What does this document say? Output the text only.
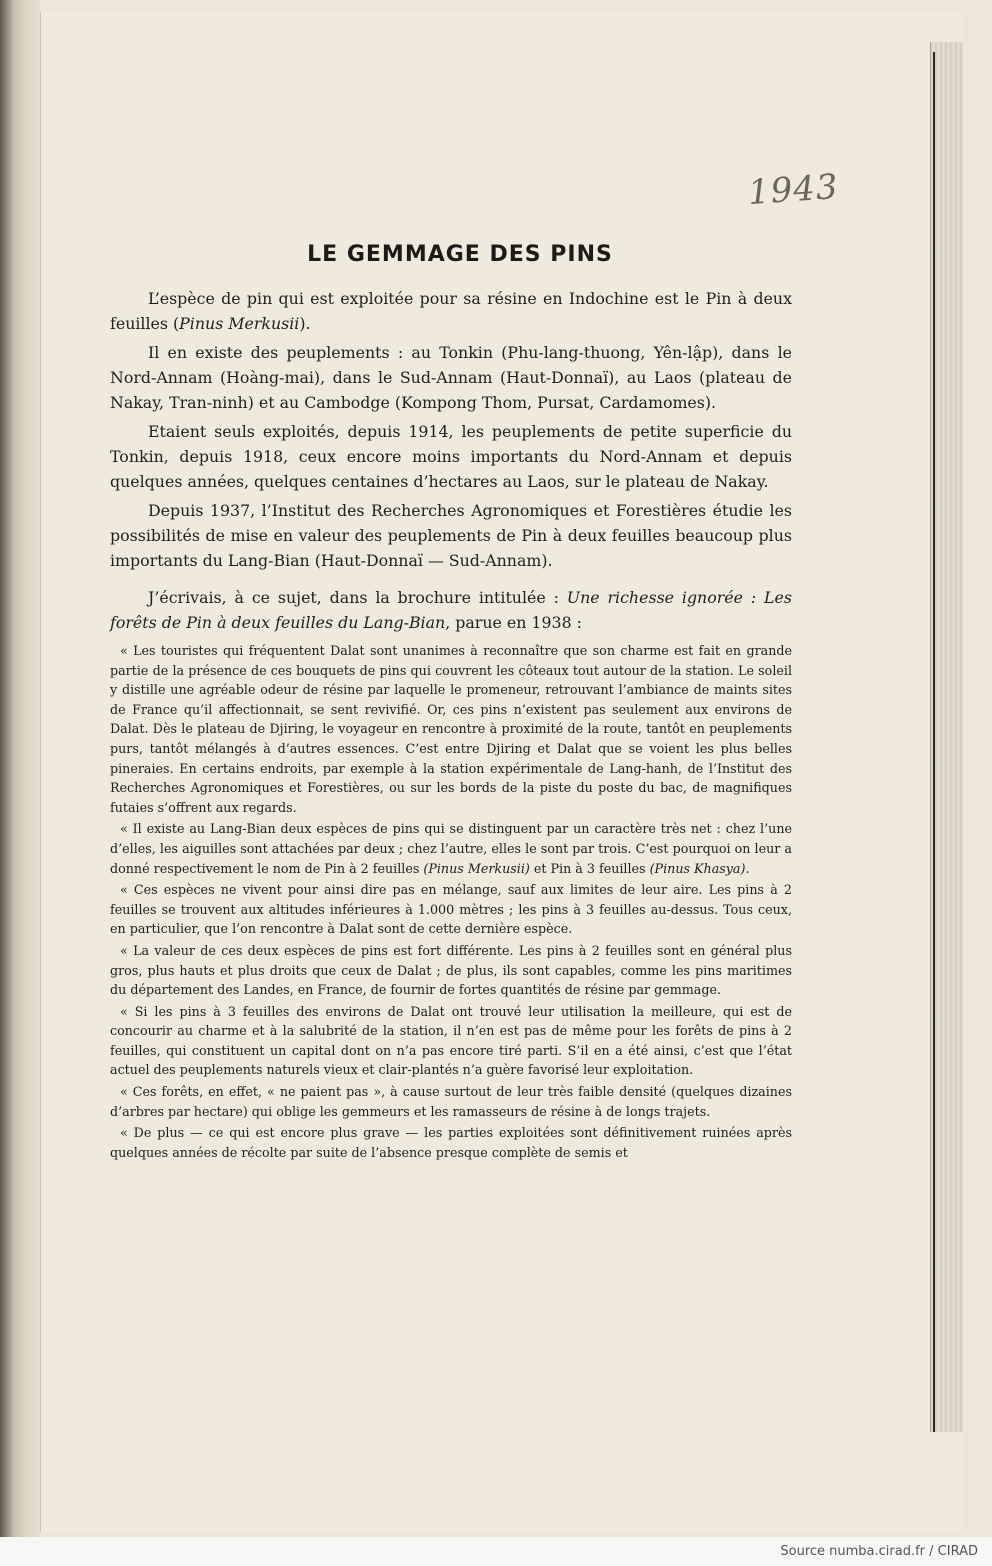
1943
LE GEMMAGE DES PINS

L’espèce de pin qui est exploitée pour sa résine en Indochine est le Pin à deux feuilles (Pinus Merkusii).

Il en existe des peuplements : au Tonkin (Phu-lang-thuong, Yên-lập), dans le Nord-Annam (Hoàng-mai), dans le Sud-Annam (Haut-Donnaï), au Laos (plateau de Nakay, Tran-ninh) et au Cambodge (Kompong Thom, Pursat, Cardamomes).

Etaient seuls exploités, depuis 1914, les peuplements de petite superficie du Tonkin, depuis 1918, ceux encore moins importants du Nord-Annam et depuis quelques années, quelques centaines d’hectares au Laos, sur le plateau de Nakay.

Depuis 1937, l’Institut des Recherches Agronomiques et Forestières étudie les possibilités de mise en valeur des peuplements de Pin à deux feuilles beaucoup plus importants du Lang-Bian (Haut-Donnaï — Sud-Annam).

J’écrivais, à ce sujet, dans la brochure intitulée : Une richesse ignorée : Les forêts de Pin à deux feuilles du Lang-Bian, parue en 1938 :

« Les touristes qui fréquentent Dalat sont unanimes à reconnaître que son charme est fait en grande partie de la présence de ces bouquets de pins qui couvrent les côteaux tout autour de la station. Le soleil y distille une agréable odeur de résine par laquelle le promeneur, retrouvant l’ambiance de maints sites de France qu’il affectionnait, se sent revivifié. Or, ces pins n’existent pas seulement aux environs de Dalat. Dès le plateau de Djiring, le voyageur en rencontre à proximité de la route, tantôt en peuplements purs, tantôt mélangés à d’autres essences. C’est entre Djiring et Dalat que se voient les plus belles pineraies. En certains endroits, par exemple à la station expérimentale de Lang-hanh, de l’Institut des Recherches Agronomiques et Forestières, ou sur les bords de la piste du poste du bac, de magnifiques futaies s’offrent aux regards.

« Il existe au Lang-Bian deux espèces de pins qui se distinguent par un caractère très net : chez l’une d’elles, les aiguilles sont attachées par deux ; chez l’autre, elles le sont par trois. C’est pourquoi on leur a donné respectivement le nom de Pin à 2 feuilles (Pinus Merkusii) et Pin à 3 feuilles (Pinus Khasya).

« Ces espèces ne vivent pour ainsi dire pas en mélange, sauf aux limites de leur aire. Les pins à 2 feuilles se trouvent aux altitudes inférieures à 1.000 mètres ; les pins à 3 feuilles au-dessus. Tous ceux, en particulier, que l’on rencontre à Dalat sont de cette dernière espèce.

« La valeur de ces deux espèces de pins est fort différente. Les pins à 2 feuilles sont en général plus gros, plus hauts et plus droits que ceux de Dalat ; de plus, ils sont capables, comme les pins maritimes du département des Landes, en France, de fournir de fortes quantités de résine par gemmage.

« Si les pins à 3 feuilles des environs de Dalat ont trouvé leur utilisation la meilleure, qui est de concourir au charme et à la salubrité de la station, il n’en est pas de même pour les forêts de pins à 2 feuilles, qui constituent un capital dont on n’a pas encore tiré parti. S’il en a été ainsi, c’est que l’état actuel des peuplements naturels vieux et clair-plantés n’a guère favorisé leur exploitation.

« Ces forêts, en effet, « ne paient pas », à cause surtout de leur très faible densité (quelques dizaines d’arbres par hectare) qui oblige les gemmeurs et les ramasseurs de résine à de longs trajets.

« De plus — ce qui est encore plus grave — les parties exploitées sont définitivement ruinées après quelques années de récolte par suite de l’absence presque complète de semis et

Source numba.cirad.fr / CIRAD
